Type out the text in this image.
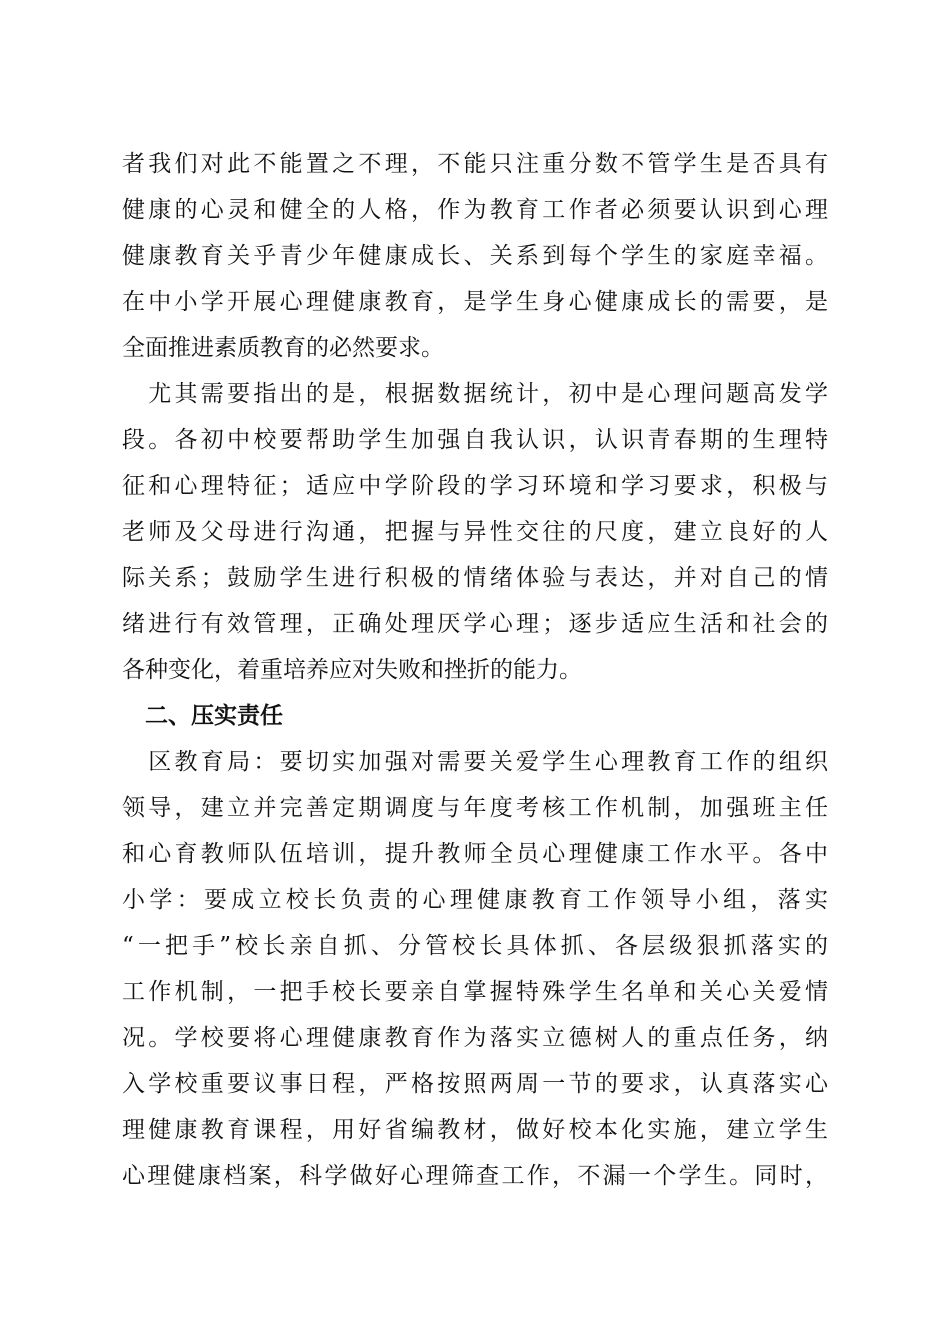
者我们对此不能置之不理，不能只注重分数不管学生是否具有
健康的心灵和健全的人格，作为教育工作者必须要认识到心理
健康教育关乎青少年健康成长、关系到每个学生的家庭幸福。
在中小学开展心理健康教育，是学生身心健康成长的需要，是
全面推进素质教育的必然要求。
　尤其需要指出的是，根据数据统计，初中是心理问题高发学
段。各初中校要帮助学生加强自我认识，认识青春期的生理特
征和心理特征；适应中学阶段的学习环境和学习要求，积极与
老师及父母进行沟通，把握与异性交往的尺度，建立良好的人
际关系；鼓励学生进行积极的情绪体验与表达，并对自己的情
绪进行有效管理，正确处理厌学心理；逐步适应生活和社会的
各种变化，着重培养应对失败和挫折的能力。
　二、压实责任
　区教育局：要切实加强对需要关爱学生心理教育工作的组织
领导，建立并完善定期调度与年度考核工作机制，加强班主任
和心育教师队伍培训，提升教师全员心理健康工作水平。各中
小学：要成立校长负责的心理健康教育工作领导小组，落实
“一把手”校长亲自抓、分管校长具体抓、各层级狠抓落实的
工作机制，一把手校长要亲自掌握特殊学生名单和关心关爱情
况。学校要将心理健康教育作为落实立德树人的重点任务，纳
入学校重要议事日程，严格按照两周一节的要求，认真落实心
理健康教育课程，用好省编教材，做好校本化实施，建立学生
心理健康档案，科学做好心理筛查工作，不漏一个学生。同时，
